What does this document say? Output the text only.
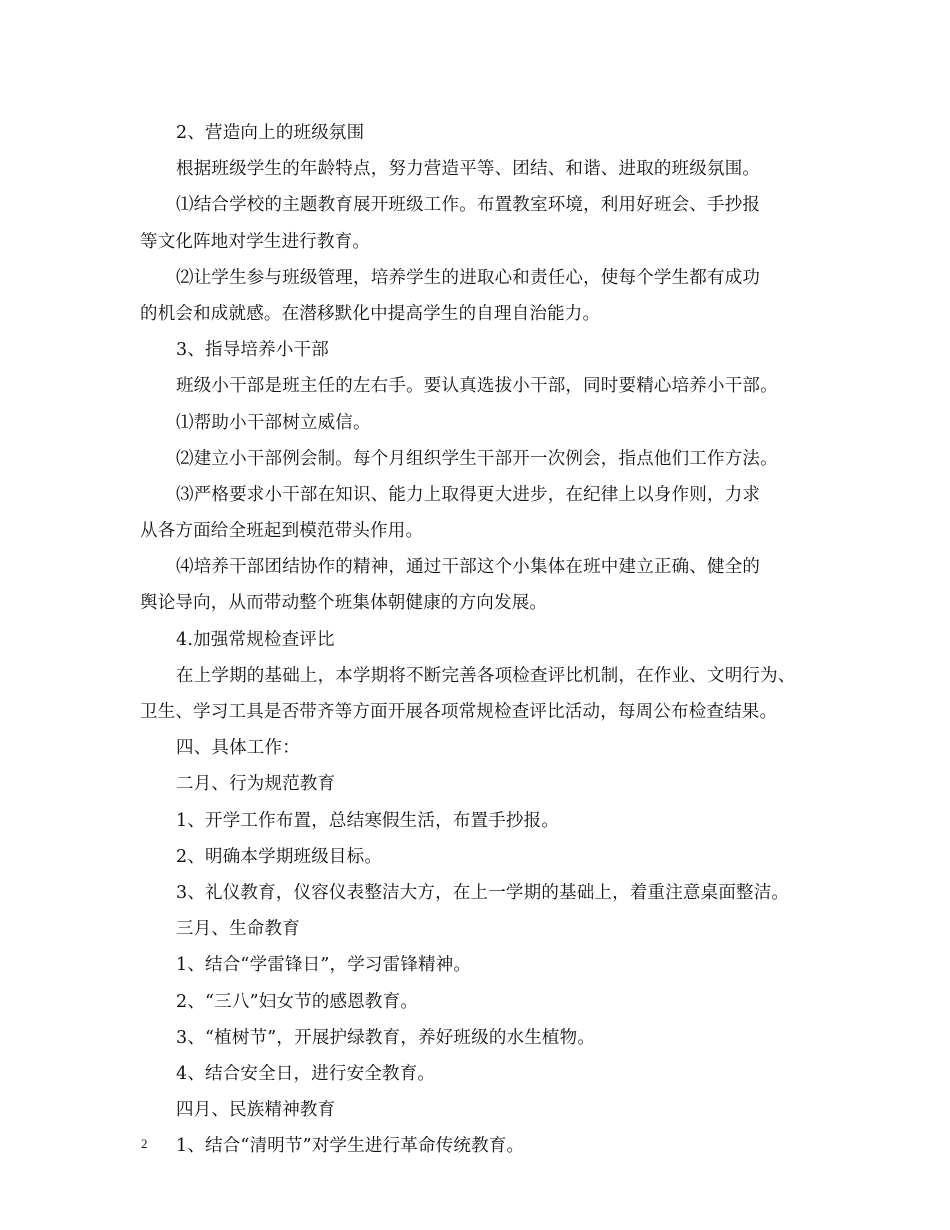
2、营造向上的班级氛围
根据班级学生的年龄特点，努力营造平等、团结、和谐、进取的班级氛围。
⑴结合学校的主题教育展开班级工作。布置教室环境，利用好班会、手抄报
等文化阵地对学生进行教育。
⑵让学生参与班级管理，培养学生的进取心和责任心，使每个学生都有成功
的机会和成就感。在潜移默化中提高学生的自理自治能力。
3、指导培养小干部
班级小干部是班主任的左右手。要认真选拔小干部，同时要精心培养小干部。
⑴帮助小干部树立威信。
⑵建立小干部例会制。每个月组织学生干部开一次例会，指点他们工作方法。
⑶严格要求小干部在知识、能力上取得更大进步，在纪律上以身作则，力求
从各方面给全班起到模范带头作用。
⑷培养干部团结协作的精神，通过干部这个小集体在班中建立正确、健全的
舆论导向，从而带动整个班集体朝健康的方向发展。
4.加强常规检查评比
在上学期的基础上，本学期将不断完善各项检查评比机制，在作业、文明行为、
卫生、学习工具是否带齐等方面开展各项常规检查评比活动，每周公布检查结果。
四、具体工作：
二月、行为规范教育
1、开学工作布置，总结寒假生活，布置手抄报。
2、明确本学期班级目标。
3、礼仪教育，仪容仪表整洁大方，在上一学期的基础上，着重注意桌面整洁。
三月、生命教育
1、结合“学雷锋日”，学习雷锋精神。
2、“三八”妇女节的感恩教育。
3、“植树节”，开展护绿教育，养好班级的水生植物。
4、结合安全日，进行安全教育。
四月、民族精神教育
1、结合“清明节”对学生进行革命传统教育。
2
